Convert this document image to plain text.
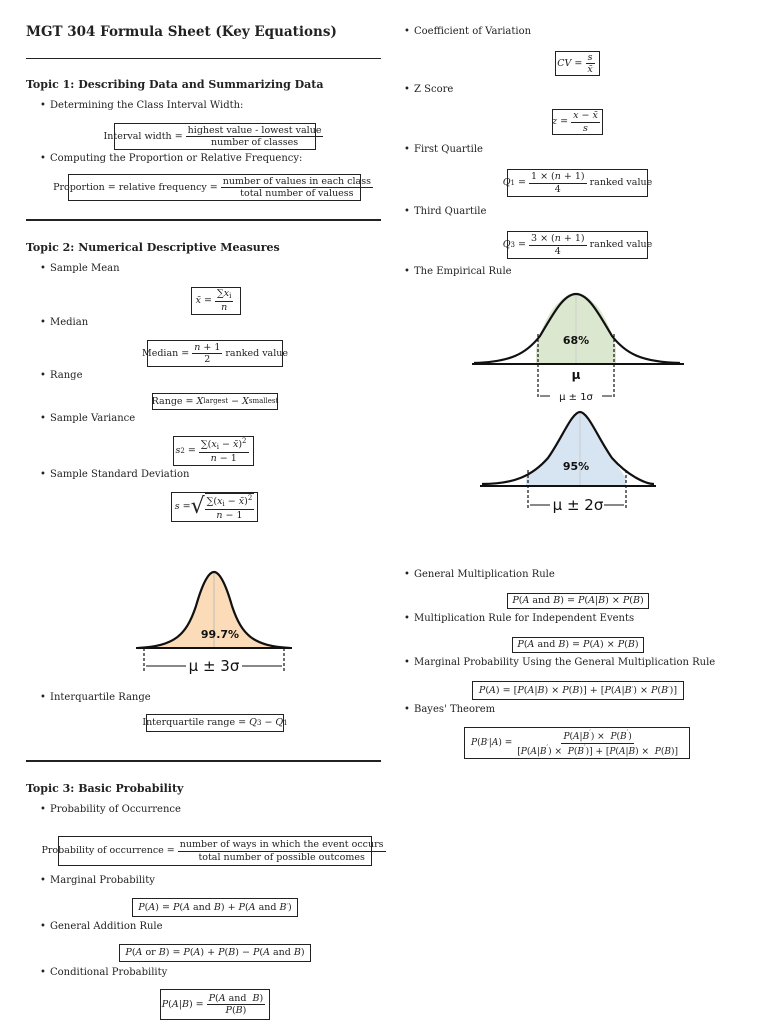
MGT 304 Formula Sheet (Key Equations)
Topic 1: Describing Data and Summarizing Data
• Determining the Class Interval Width:
Interval width = $\frac{\text{highest value - lowest value}}{\text{number of classes}}$
• Computing the Proportion or Relative Frequency:
Proportion = relative frequency = $\frac{\text{number of values in each class}}{\text{total number of valuess}}$
Topic 2: Numerical Descriptive Measures
• Sample Mean
x̄ = $\frac{\sum x_i}{n}$
• Median
Median = $\frac{n + 1}{2}$ ranked value
• Range
Range = X largest − X smallest
• Sample Variance
s $2 = \frac{\sum(x_i - x̄)^2}{n - 1}$
• Sample Standard Deviation
s = √ $\frac{\sum(x_i - x̄)^2}{n - 1}$
99.7%
μ ± 3σ
• Interquartile Range
Interquartile range =
Q 3 − Q 1
Topic 3: Basic Probability
• Probability of Occurrence
Probability of occurrence = $\frac{\text{number of ways in which the event occurs}}{\text{total number of possible outcomes}}$
• Marginal Probability
P ( A ) = P ( A and B ) + P ( A and B ′ )
• General Addition Rule
P ( A or B ) = P ( A ) + P ( B ) − P ( A and B )
• Conditional Probability
P ( A | B ) = $\frac{\text{P(A and  B)}}{P(B)}$
• Coefficient of Variation
CV = $\frac{s}{x̄}$
• Z Score
$z = \frac{x - x̄}{s}$
• First Quartile
Q $1 = \frac{1 \times (n + 1)}{4}$ ranked value
• Third Quartile
Q $3 = \frac{3 \times (n + 1)}{4}$ ranked value
• The Empirical Rule
68%
μ
μ ± 1σ
95%
μ ± 2σ
• General Multiplication Rule
P ( A and B ) = P ( A | B ) × P ( B )
• Multiplication Rule for Independent Events
P ( A and B ) = P ( A ) × P ( B )
• Marginal Probability Using the General Multiplication Rule
P ( A ) = [ P ( A | B ) × P ( B )] + [ P ( A | B ′ ) × P ( B ′ )]
• Bayes' Theorem
P ( B ′ | A ) = $\frac{P(A|B') \times P(B')}{[P(A|B') \times P(B')] + [P(A|B) \times P(B)]}$
